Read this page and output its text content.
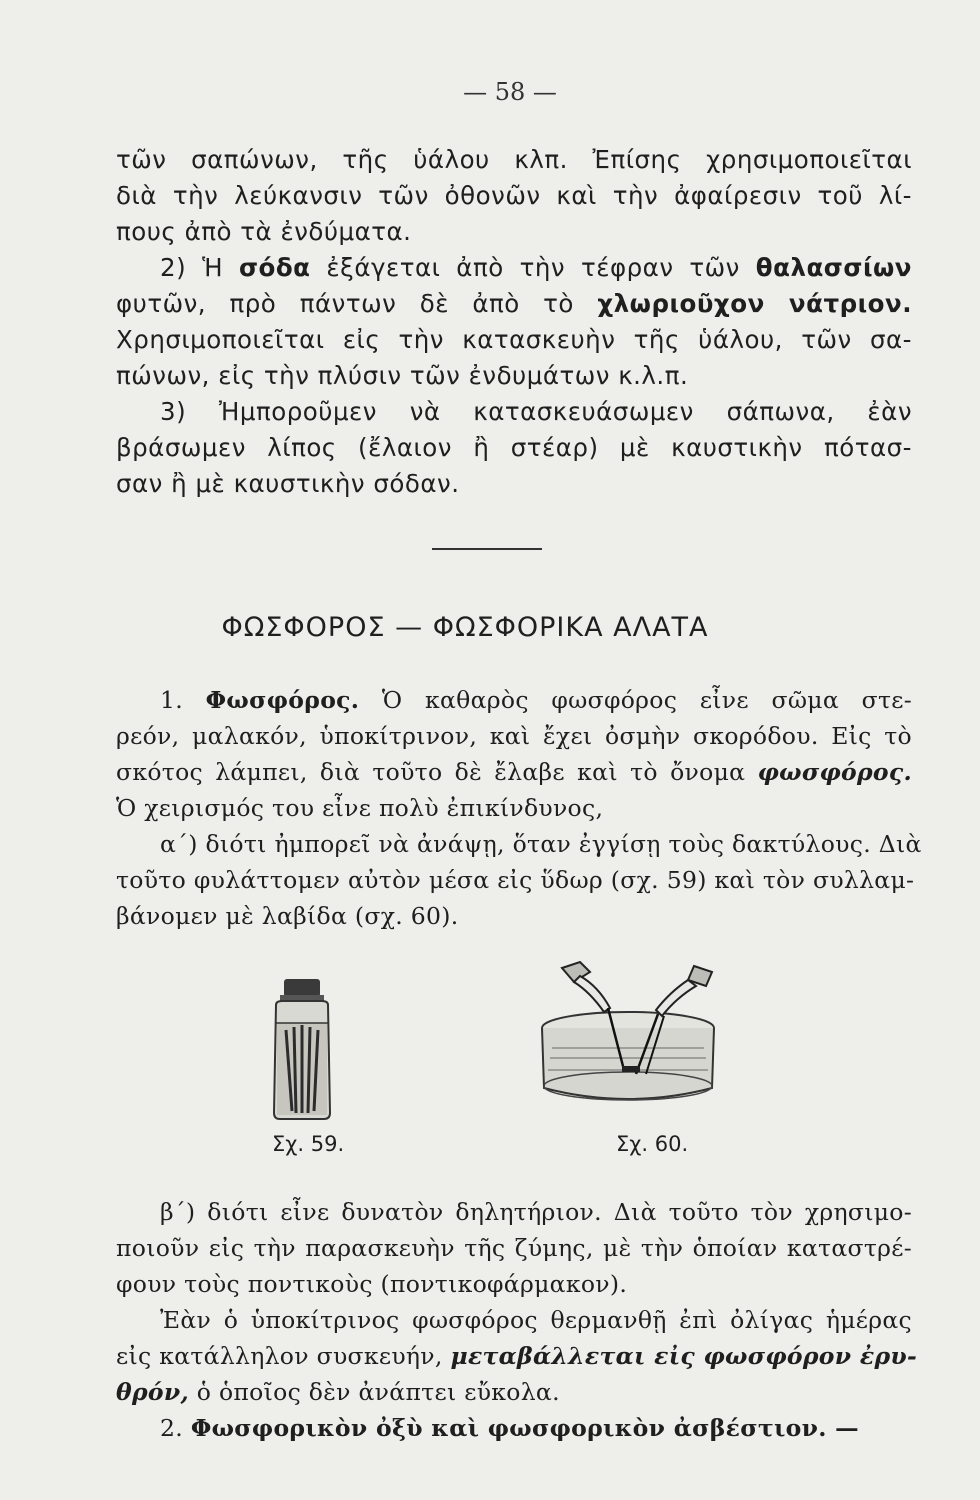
— 58 —
τῶν σαπώνων, τῆς ὑάλου κλπ. Ἐπίσης χρησιμοποιεῖται
διὰ τὴν λεύκανσιν τῶν ὀθονῶν καὶ τὴν ἀφαίρεσιν τοῦ λί-
πους ἀπὸ τὰ ἐνδύματα.
2) Ἡ σόδα ἐξάγεται ἀπὸ τὴν τέφραν τῶν θαλασσίων
φυτῶν, πρὸ πάντων δὲ ἀπὸ τὸ χλωριοῦχον νάτριον.
Χρησιμοποιεῖται εἰς τὴν κατασκευὴν τῆς ὑάλου, τῶν σα-
πώνων, εἰς τὴν πλύσιν τῶν ἐνδυμάτων κ.λ.π.
3) Ἠμποροῦμεν νὰ κατασκευάσωμεν σάπωνα, ἐὰν
βράσωμεν λίπος (ἔλαιον ἢ στέαρ) μὲ καυστικὴν πότασ-
σαν ἢ μὲ καυστικὴν σόδαν.
ΦΩΣΦΟΡΟΣ — ΦΩΣΦΟΡΙΚΑ ΑΛΑΤΑ
1. Φωσφόρος. Ὁ καθαρὸς φωσφόρος εἶνε σῶμα στε-
ρεόν, μαλακόν, ὑποκίτρινον, καὶ ἔχει ὀσμὴν σκορόδου. Εἰς τὸ
σκότος λάμπει, διὰ τοῦτο δὲ ἔλαβε καὶ τὸ ὄνομα φωσφόρος.
Ὁ χειρισμός του εἶνε πολὺ ἐπικίνδυνος,
α΄) διότι ἠμπορεῖ νὰ ἀνάψῃ, ὅταν ἐγγίσῃ τοὺς δακτύλους. Διὰ
τοῦτο φυλάττομεν αὐτὸν μέσα εἰς ὕδωρ (σχ. 59) καὶ τὸν συλλαμ-
βάνομεν μὲ λαβίδα (σχ. 60).
Σχ. 59.	Σχ. 60.
β΄) διότι εἶνε δυνατὸν δηλητήριον. Διὰ τοῦτο τὸν χρησιμο-
ποιοῦν εἰς τὴν παρασκευὴν τῆς ζύμης, μὲ τὴν ὁποίαν καταστρέ-
φουν τοὺς ποντικοὺς (ποντικοφάρμακον).
Ἐὰν ὁ ὑποκίτρινος φωσφόρος θερμανθῇ ἐπὶ ὀλίγας ἡμέρας
εἰς κατάλληλον συσκευήν, μεταβάλλεται εἰς φωσφόρον ἐρυ-
θρόν, ὁ ὁποῖος δὲν ἀνάπτει εὔκολα.
2. Φωσφορικὸν ὀξὺ καὶ φωσφορικὸν ἀσβέστιον. —
